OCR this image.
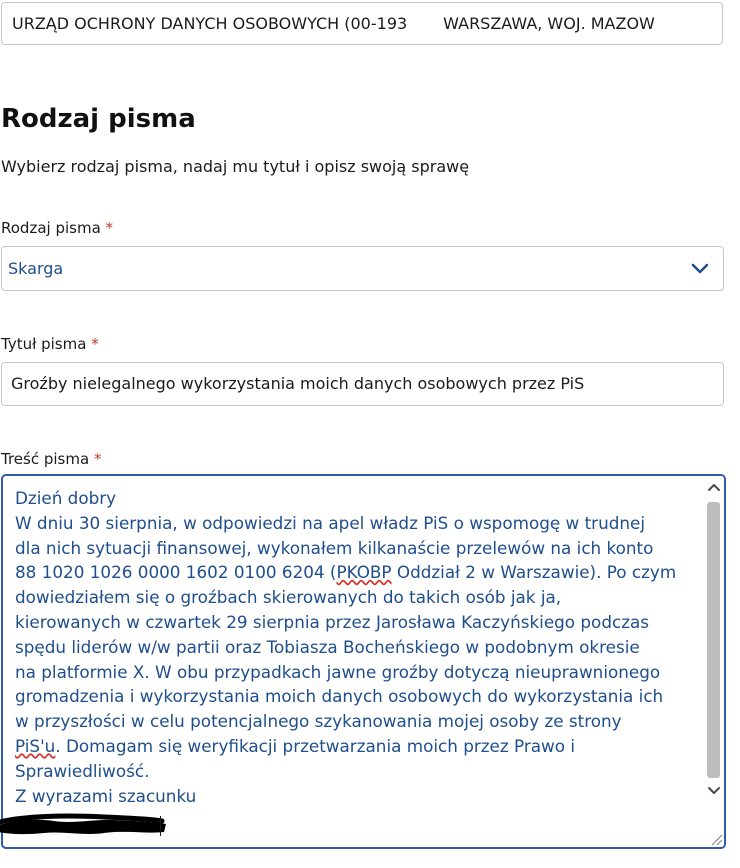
URZĄD OCHRONY DANYCH OSOBOWYCH (00-193 WARSZAWA, WOJ. MAZOW
Rodzaj pisma
Wybierz rodzaj pisma, nadaj mu tytuł i opisz swoją sprawę
Rodzaj pisma *
Skarga
Tytuł pisma *
Groźby nielegalnego wykorzystania moich danych osobowych przez PiS
Treść pisma *
Dzień dobry
W dniu 30 sierpnia, w odpowiedzi na apel władz PiS o wspomogę w trudnej
dla nich sytuacji finansowej, wykonałem kilkanaście przelewów na ich konto
88 1020 1026 0000 1602 0100 6204 (PKOBP Oddział 2 w Warszawie). Po czym
dowiedziałem się o groźbach skierowanych do takich osób jak ja,
kierowanych w czwartek 29 sierpnia przez Jarosława Kaczyńskiego podczas
spędu liderów w/w partii oraz Tobiasza Bocheńskiego w podobnym okresie
na platformie X. W obu przypadkach jawne groźby dotyczą nieuprawnionego
gromadzenia i wykorzystania moich danych osobowych do wykorzystania ich
w przyszłości w celu potencjalnego szykanowania mojej osoby ze strony
PiS'u. Domagam się weryfikacji przetwarzania moich przez Prawo i
Sprawiedliwość.
Z wyrazami szacunku
